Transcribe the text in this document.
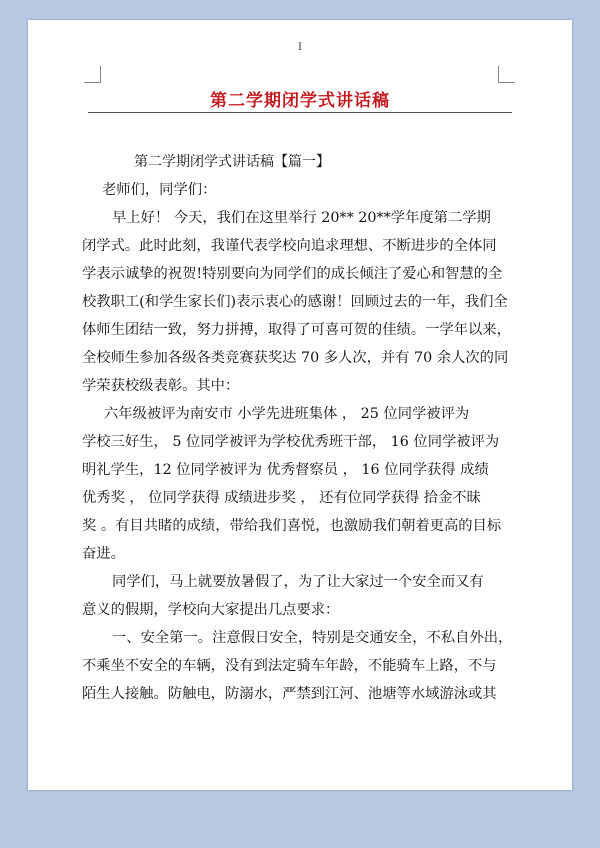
I
第二学期闭学式讲话稿

第二学期闭学式讲话稿【篇一】

老师们，同学们：

早上好！ 今天，我们在这里举行 20** 20**学年度第二学期

闭学式。此时此刻，我谨代表学校向追求理想、不断进步的全体同

学表示诚挚的祝贺!特别要向为同学们的成长倾注了爱心和智慧的全

校教职工(和学生家长们)表示衷心的感谢！回顾过去的一年，我们全

体师生团结一致，努力拼搏，取得了可喜可贺的佳绩。一学年以来，

全校师生参加各级各类竞赛获奖达 70 多人次，并有 70 余人次的同

学荣获校级表彰。其中：

六年级被评为南安市 小学先进班集体 ， 25 位同学被评为

学校三好生， 5 位同学被评为学校优秀班干部， 16 位同学被评为

明礼学生，12 位同学被评为 优秀督察员 ， 16 位同学获得 成绩

优秀奖 ， 位同学获得 成绩进步奖 ， 还有位同学获得 拾金不昧

奖 。有目共睹的成绩，带给我们喜悦，也激励我们朝着更高的目标

奋进。

同学们，马上就要放暑假了，为了让大家过一个安全而又有

意义的假期，学校向大家提出几点要求：

一、安全第一。注意假日安全，特别是交通安全，不私自外出，

不乘坐不安全的车辆，没有到法定骑车年龄，不能骑车上路，不与

陌生人接触。防触电，防溺水，严禁到江河、池塘等水域游泳或其
